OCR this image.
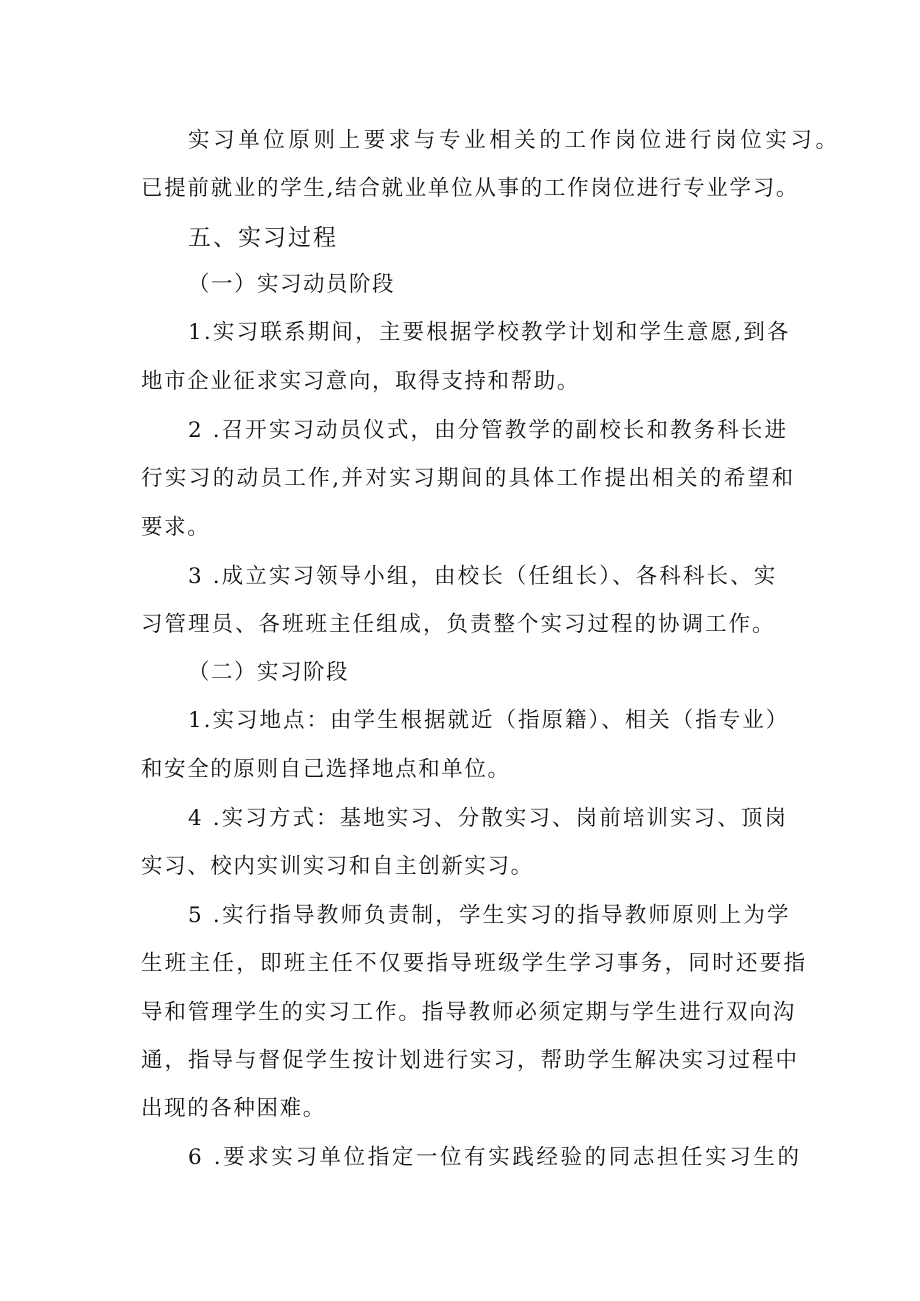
实习单位原则上要求与专业相关的工作岗位进行岗位实习。
已提前就业的学生,结合就业单位从事的工作岗位进行专业学习。
五、实习过程
（一）实习动员阶段
1.实习联系期间，主要根据学校教学计划和学生意愿,到各
地市企业征求实习意向，取得支持和帮助。
2 .召开实习动员仪式，由分管教学的副校长和教务科长进
行实习的动员工作,并对实习期间的具体工作提出相关的希望和
要求。
3 .成立实习领导小组，由校长（任组长）、各科科长、实
习管理员、各班班主任组成，负责整个实习过程的协调工作。
（二）实习阶段
1.实习地点：由学生根据就近（指原籍）、相关（指专业）
和安全的原则自己选择地点和单位。
4 .实习方式：基地实习、分散实习、岗前培训实习、顶岗
实习、校内实训实习和自主创新实习。
5 .实行指导教师负责制，学生实习的指导教师原则上为学
生班主任，即班主任不仅要指导班级学生学习事务，同时还要指
导和管理学生的实习工作。指导教师必须定期与学生进行双向沟
通，指导与督促学生按计划进行实习，帮助学生解决实习过程中
出现的各种困难。
6 .要求实习单位指定一位有实践经验的同志担任实习生的
